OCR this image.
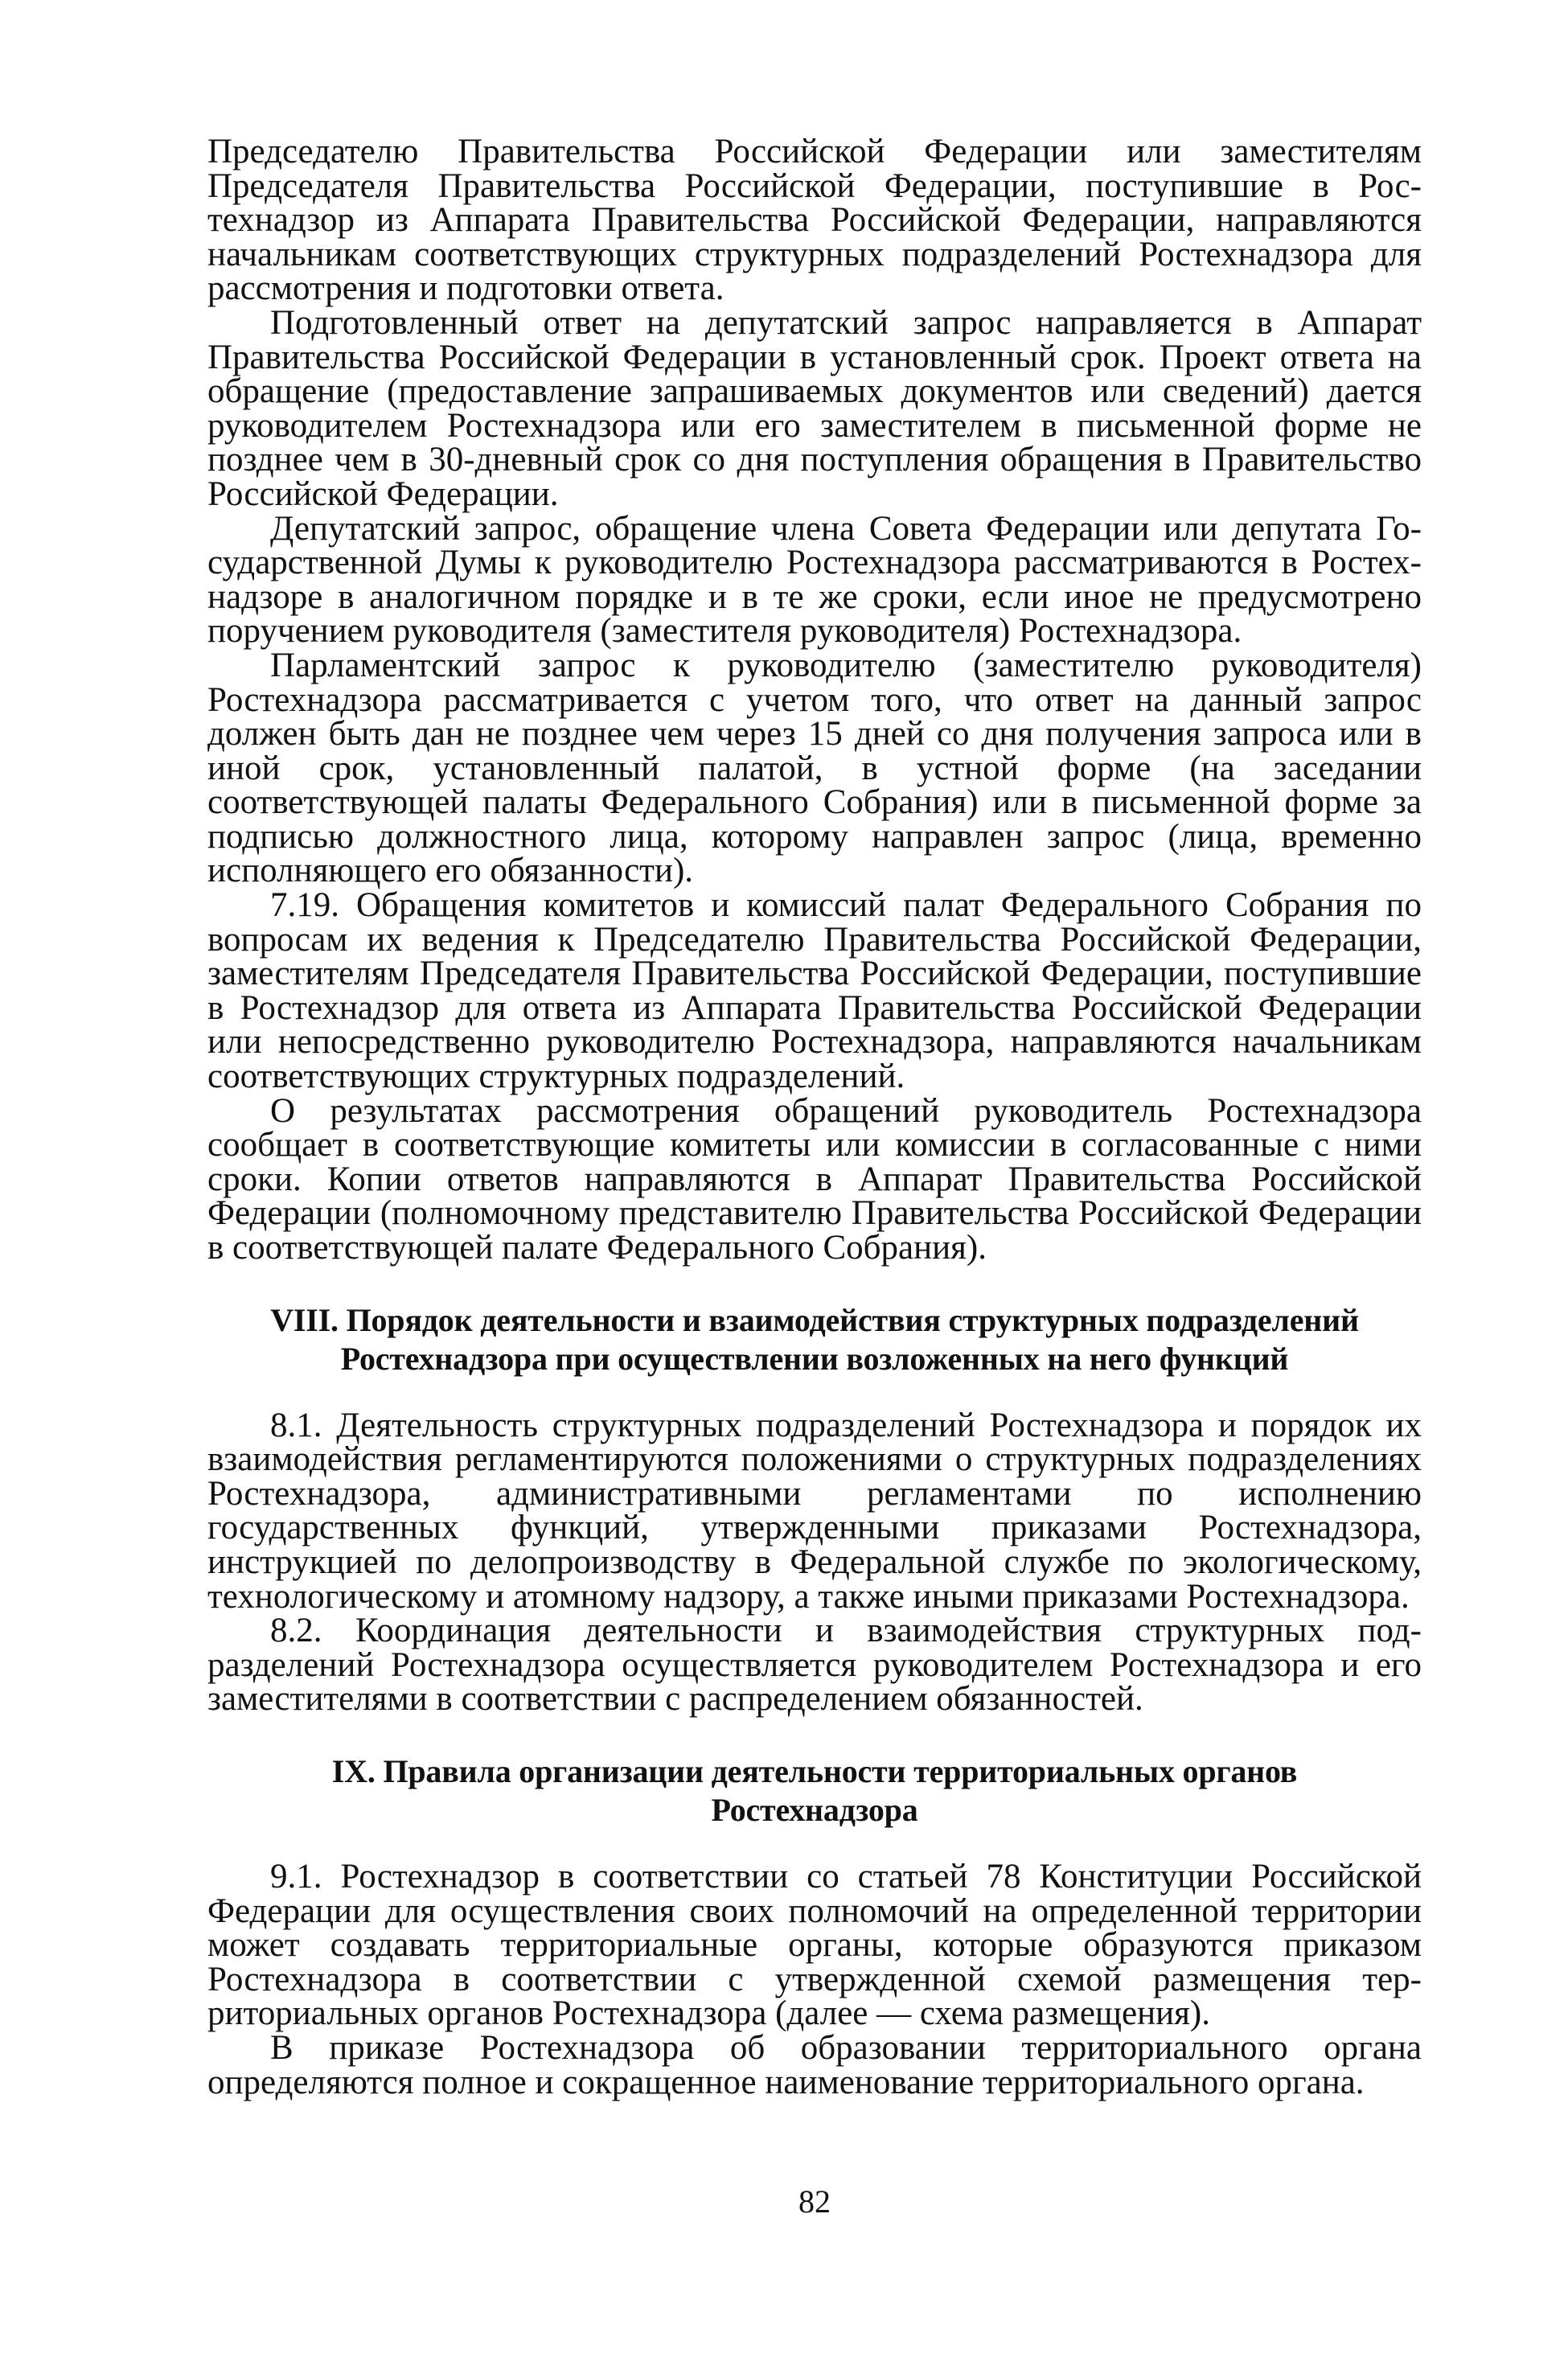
Председателю Правительства Российской Федерации или заместителям Председателя Правительства Российской Федерации, поступившие в Ростехнадзор из Аппарата Правительства Российской Федерации, направляются начальникам соответствующих структурных подразделений Ростехнадзора для рассмотрения и подготовки ответа.

Подготовленный ответ на депутатский запрос направляется в Аппарат Правительства Российской Федерации в установленный срок. Проект ответа на обращение (предоставление запрашиваемых документов или сведений) дается руководителем Ростехнадзора или его заместителем в письменной форме не позднее чем в 30-дневный срок со дня поступления обращения в Правительство Российской Федерации.

Депутатский запрос, обращение члена Совета Федерации или депутата Государственной Думы к руководителю Ростехнадзора рассматриваются в Ростехнадзоре в аналогичном порядке и в те же сроки, если иное не предусмотрено поручением руководителя (заместителя руководителя) Ростехнадзора.

Парламентский запрос к руководителю (заместителю руководителя) Ростехнадзора рассматривается с учетом того, что ответ на данный запрос должен быть дан не позднее чем через 15 дней со дня получения запроса или в иной срок, установленный палатой, в устной форме (на заседании соответствующей палаты Федерального Собрания) или в письменной форме за подписью должностного лица, которому направлен запрос (лица, временно исполняющего его обязанности).

7.19. Обращения комитетов и комиссий палат Федерального Собрания по вопросам их ведения к Председателю Правительства Российской Федерации, заместителям Председателя Правительства Российской Федерации, поступившие в Ростехнадзор для ответа из Аппарата Правительства Российской Федерации или непосредственно руководителю Ростехнадзора, направляются начальникам соответствующих структурных подразделений.

О результатах рассмотрения обращений руководитель Ростехнадзора сообщает в соответствующие комитеты или комиссии в согласованные с ними сроки. Копии ответов направляются в Аппарат Правительства Российской Федерации (полномочному представителю Правительства Российской Федерации в соответствующей палате Федерального Собрания).

VIII. Порядок деятельности и взаимодействия структурных подразделений
Ростехнадзора при осуществлении возложенных на него функций

8.1. Деятельность структурных подразделений Ростехнадзора и порядок их взаимодействия регламентируются положениями о структурных подразделениях Ростехнадзора, административными регламентами по исполнению государственных функций, утвержденными приказами Ростехнадзора, инструкцией по делопроизводству в Федеральной службе по экологическому, технологическому и атомному надзору, а также иными приказами Ростехнадзора.

8.2. Координация деятельности и взаимодействия структурных подразделений Ростехнадзора осуществляется руководителем Ростехнадзора и его заместителями в соответствии с распределением обязанностей.

IX. Правила организации деятельности территориальных органов
Ростехнадзора

9.1. Ростехнадзор в соответствии со статьей 78 Конституции Российской Федерации для осуществления своих полномочий на определенной территории может создавать территориальные органы, которые образуются приказом Ростехнадзора в соответствии с утвержденной схемой размещения территориальных органов Ростехнадзора (далее — схема размещения).

В приказе Ростехнадзора об образовании территориального органа определяются полное и сокращенное наименование территориального органа.

82
